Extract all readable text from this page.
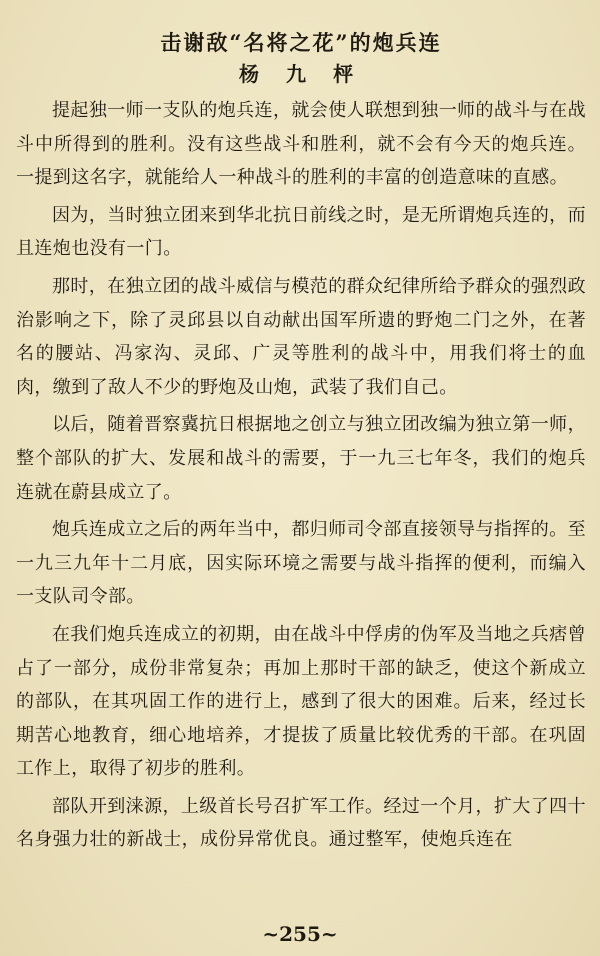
击谢敌“名将之花”的炮兵连
杨 九 枰

提起独一师一支队的炮兵连，就会使人联想到独一师的战斗与在战斗中所得到的胜利。没有这些战斗和胜利，就不会有今天的炮兵连。一提到这名字，就能给人一种战斗的胜利的丰富的创造意味的直感。

因为，当时独立团来到华北抗日前线之时，是无所谓炮兵连的，而且连炮也没有一门。

那时，在独立团的战斗威信与模范的群众纪律所给予群众的强烈政治影响之下，除了灵邱县以自动献出国军所遗的野炮二门之外，在著名的腰站、冯家沟、灵邱、广灵等胜利的战斗中，用我们将士的血肉，缴到了敌人不少的野炮及山炮，武装了我们自己。

以后，随着晋察冀抗日根据地之创立与独立团改编为独立第一师，整个部队的扩大、发展和战斗的需要，于一九三七年冬，我们的炮兵连就在蔚县成立了。

炮兵连成立之后的两年当中，都归师司令部直接领导与指挥的。至一九三九年十二月底，因实际环境之需要与战斗指挥的便利，而编入一支队司令部。

在我们炮兵连成立的初期，由在战斗中俘虏的伪军及当地之兵痞曾占了一部分，成份非常复杂；再加上那时干部的缺乏，使这个新成立的部队，在其巩固工作的进行上，感到了很大的困难。后来，经过长期苦心地教育，细心地培养，才提拔了质量比较优秀的干部。在巩固工作上，取得了初步的胜利。

部队开到涞源，上级首长号召扩军工作。经过一个月，扩大了四十名身强力壮的新战士，成份异常优良。通过整军，使炮兵连在

~255~
